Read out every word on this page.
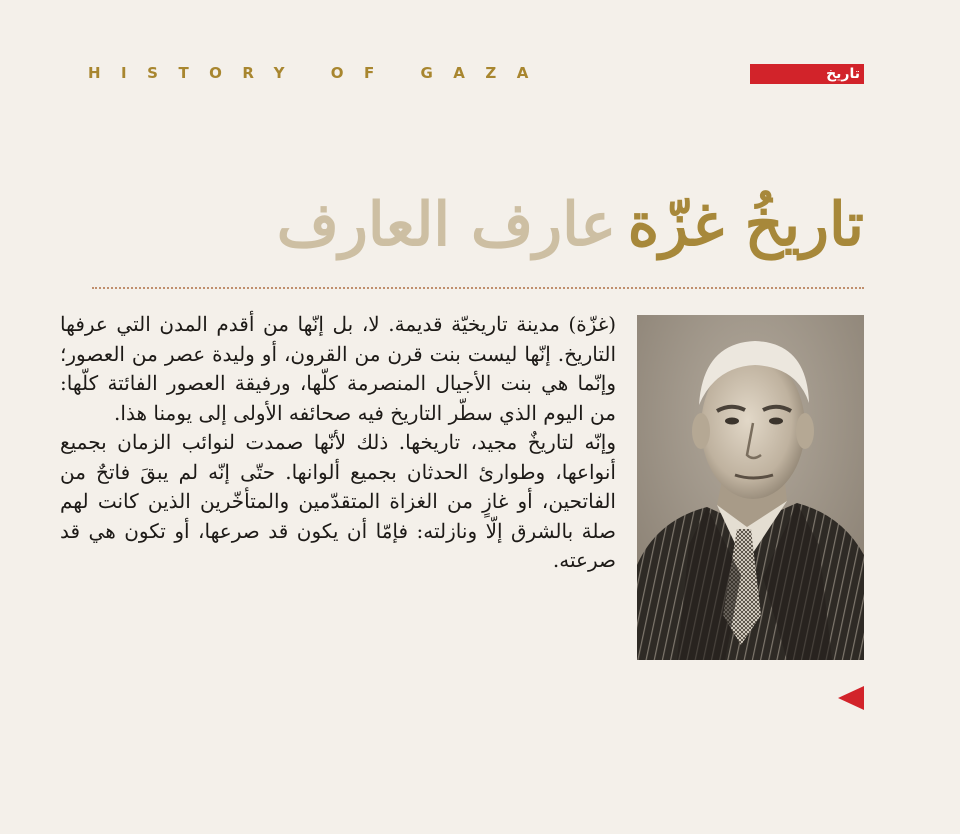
HISTORY OF GAZA	تاريخ
تاريخُ غزّة عارف العارف

(غزّة) مدينة تاريخيّة قديمة. لا، بل إنّها من أقدم المدن التي عرفها التاريخ. إنّها ليست بنت قرن من القرون، أو وليدة عصر من العصور؛ وإنّما هي بنت الأجيال المنصرمة كلّها، ورفيقة العصور الفائتة كلّها: من اليوم الذي سطّر التاريخ فيه صحائفه الأولى إلى يومنا هذا.

وإنّه لتاريخٌ مجيد، تاريخها. ذلك لأنّها صمدت لنوائب الزمان بجميع أنواعها، وطوارئ الحدثان بجميع ألوانها. حتّى إنّه لم يبقَ فاتحٌ من الفاتحين، أو غازٍ من الغزاة المتقدّمين والمتأخّرين الذين كانت لهم صلة بالشرق إلّا ونازلته: فإمّا أن يكون قد صرعها، أو تكون هي قد صرعته.
